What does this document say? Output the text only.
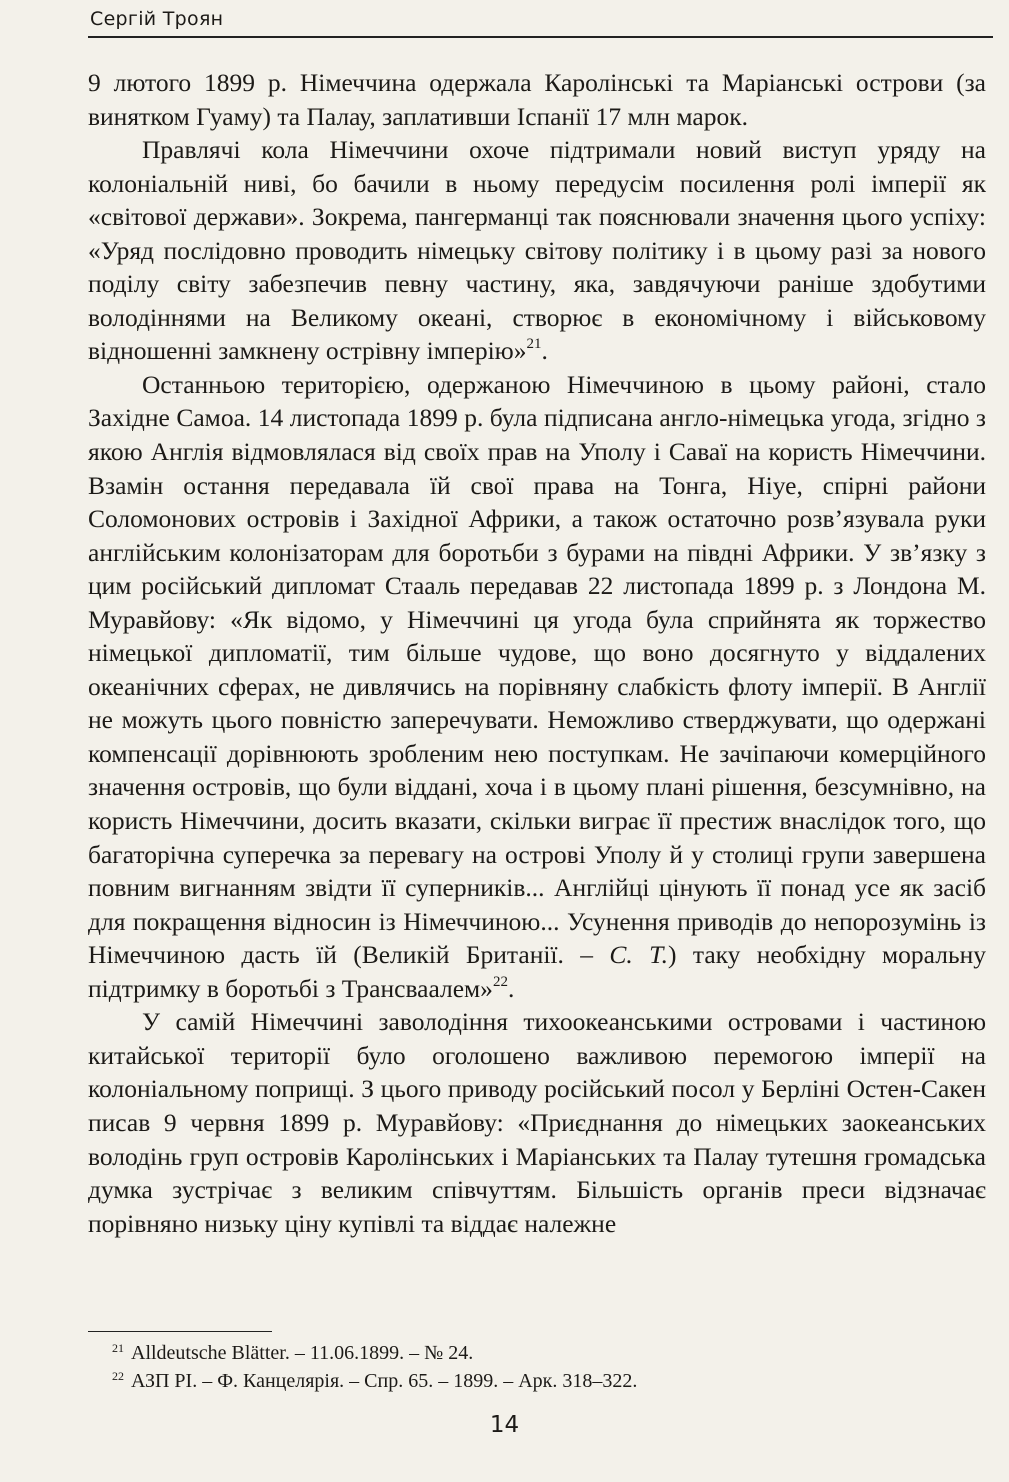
Сергій Троян

9 лютого 1899 р. Німеччина одержала Каролінські та Маріанські острови (за винятком Гуаму) та Палау, заплативши Іспанії 17 млн марок.

Правлячі кола Німеччини охоче підтримали новий виступ уряду на колоніальній ниві, бо бачили в ньому передусім посилення ролі імперії як «світової держави». Зокрема, пангерманці так пояснювали значення цього успіху: «Уряд послідовно проводить німецьку світову політику і в цьому разі за нового поділу світу забезпечив певну частину, яка, завдячуючи раніше здобутими володіннями на Великому океані, створює в економічному і військовому відношенні замкнену острівну імперію»$^{21}$.

Останньою територією, одержаною Німеччиною в цьому районі, стало Західне Самоа. 14 листопада 1899 р. була підписана англо-німецька угода, згідно з якою Англія відмовлялася від своїх прав на Уполу і Саваї на користь Німеччини. Взамін остання передавала їй свої права на Тонга, Ніуе, спірні райони Соломонових островів і Західної Африки, а також остаточно розв’язувала руки англійським колонізаторам для боротьби з бурами на півдні Африки. У зв’язку з цим російський дипломат Стааль передавав 22 листопада 1899 р. з Лондона М. Муравйову: «Як відомо, у Німеччині ця угода була сприйнята як торжество німецької дипломатії, тим більше чудове, що воно досягнуто у віддалених океанічних сферах, не дивлячись на порівняну слабкість флоту імперії. В Англії не можуть цього повністю заперечувати. Неможливо стверджувати, що одержані компенсації дорівнюють зробленим нею поступкам. Не зачіпаючи комерційного значення островів, що були віддані, хоча і в цьому плані рішення, безсумнівно, на користь Німеччини, досить вказати, скільки виграє її престиж внаслідок того, що багаторічна суперечка за перевагу на острові Уполу й у столиці групи завершена повним вигнанням звідти її суперників... Англійці цінують її понад усе як засіб для покращення відносин із Німеччиною... Усунення приводів до непорозумінь із Німеччиною дасть їй (Великій Британії. – С. Т.) таку необхідну моральну підтримку в боротьбі з Трансваалем»$^{22}$.

У самій Німеччині заволодіння тихоокеанськими островами і частиною китайської території було оголошено важливою перемогою імперії на колоніальному поприщі. З цього приводу російський посол у Берліні Остен-Сакен писав 9 червня 1899 р. Муравйову: «Приєднання до німецьких заокеанських володінь груп островів Каролінських і Маріанських та Палау тутешня громадська думка зустрічає з великим співчуттям. Більшість органів преси відзначає порівняно низьку ціну купівлі та віддає належне

$^{21}$ Alldeutsche Blätter. – 11.06.1899. – № 24.
$^{22}$ АЗП РІ. – Ф. Канцелярія. – Спр. 65. – 1899. – Арк. 318–322.
14
